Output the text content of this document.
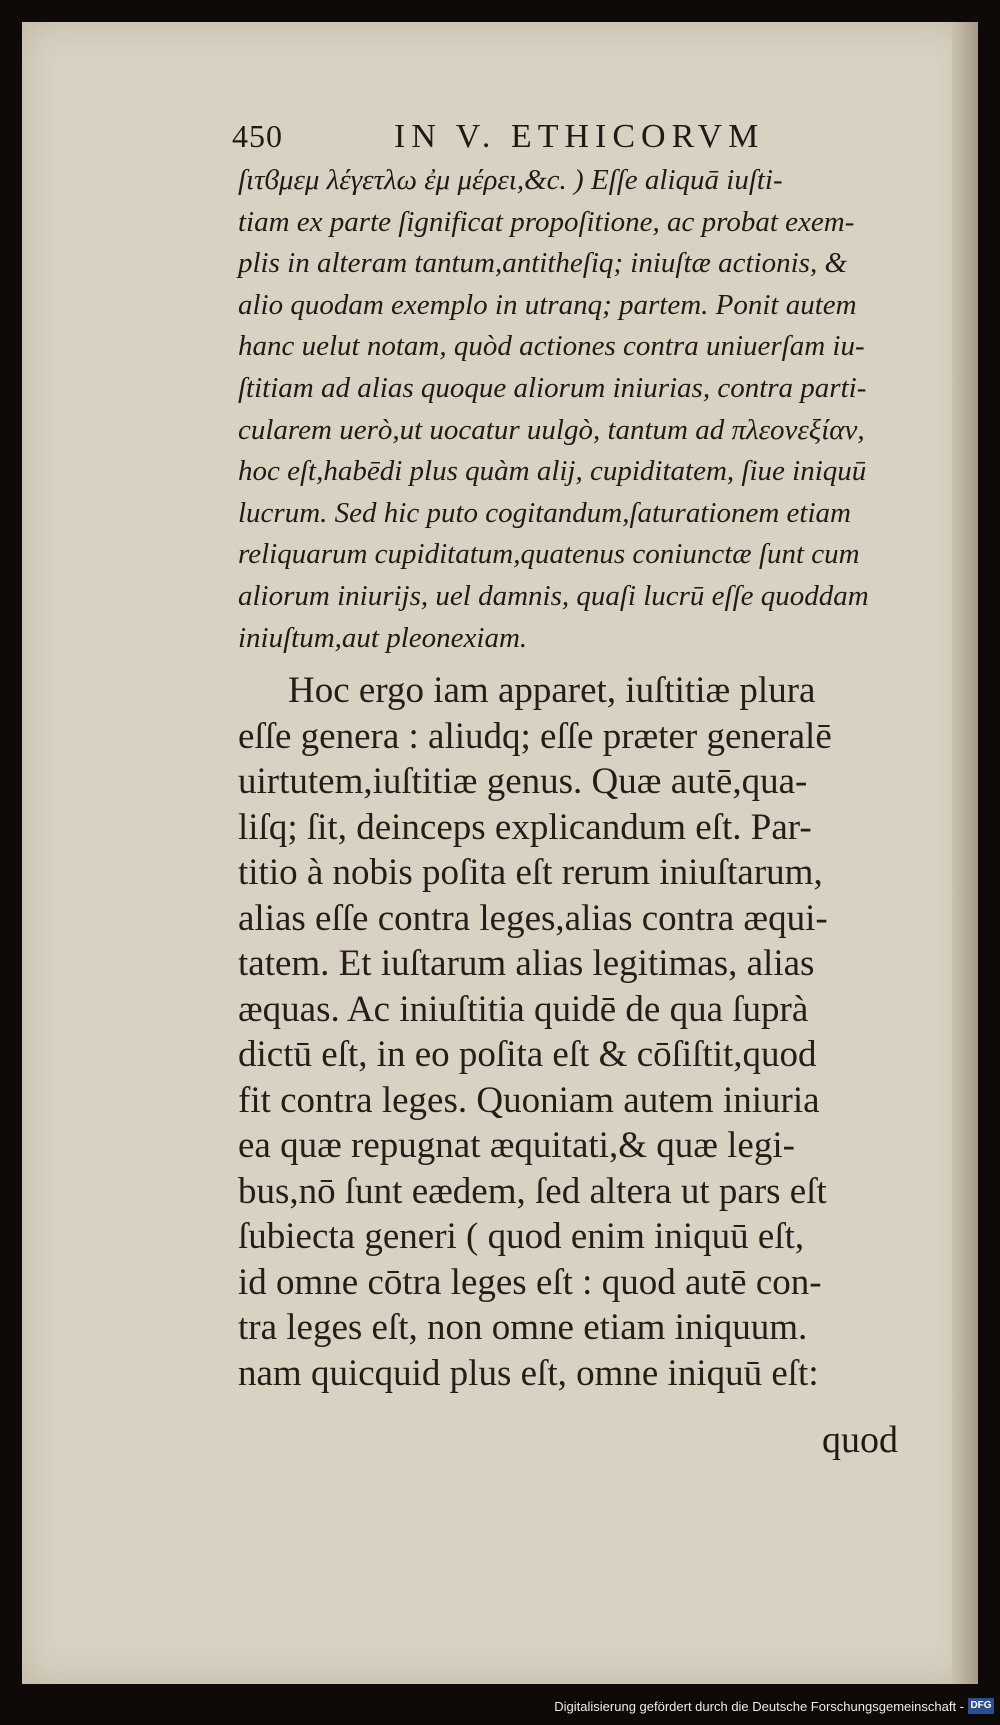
450	IN V. ETHICORVM
ſιτϐμεμ λέγετλω ἐμ μέρει,&c. ) Eſſe aliquā iuſti-
tiam ex parte ſignificat propoſitione, ac probat exem-
plis in alteram tantum,antitheſiq; iniuſtæ actionis, &
alio quodam exemplo in utranq; partem. Ponit autem
hanc uelut notam, quòd actiones contra uniuerſam iu-
ſtitiam ad alias quoque aliorum iniurias, contra parti-
cularem uerò,ut uocatur uulgò, tantum ad πλεονεξίαν,
hoc eſt,habēdi plus quàm alij, cupiditatem, ſiue iniquū
lucrum. Sed hic puto cogitandum,ſaturationem etiam
reliquarum cupiditatum,quatenus coniunctæ ſunt cum
aliorum iniurijs, uel damnis, quaſi lucrū eſſe quoddam
iniuſtum,aut pleonexiam.
Hoc ergo iam apparet, iuſtitiæ plura
eſſe genera : aliudq; eſſe præter generalē
uirtutem,iuſtitiæ genus. Quæ autē,qua-
liſq; ſit, deinceps explicandum eſt. Par-
titio à nobis poſita eſt rerum iniuſtarum,
alias eſſe contra leges,alias contra æqui-
tatem. Et iuſtarum alias legitimas, alias
æquas. Ac iniuſtitia quidē de qua ſuprà
dictū eſt, in eo poſita eſt & cōſiſtit,quod
fit contra leges. Quoniam autem iniuria
ea quæ repugnat æquitati,& quæ legi-
bus,nō ſunt eædem, ſed altera ut pars eſt
ſubiecta generi ( quod enim iniquū eſt,
id omne cōtra leges eſt : quod autē con-
tra leges eſt, non omne etiam iniquum.
nam quicquid plus eſt, omne iniquū eſt:
quod
Digitalisierung gefördert durch die Deutsche Forschungsgemeinschaft - DFG
